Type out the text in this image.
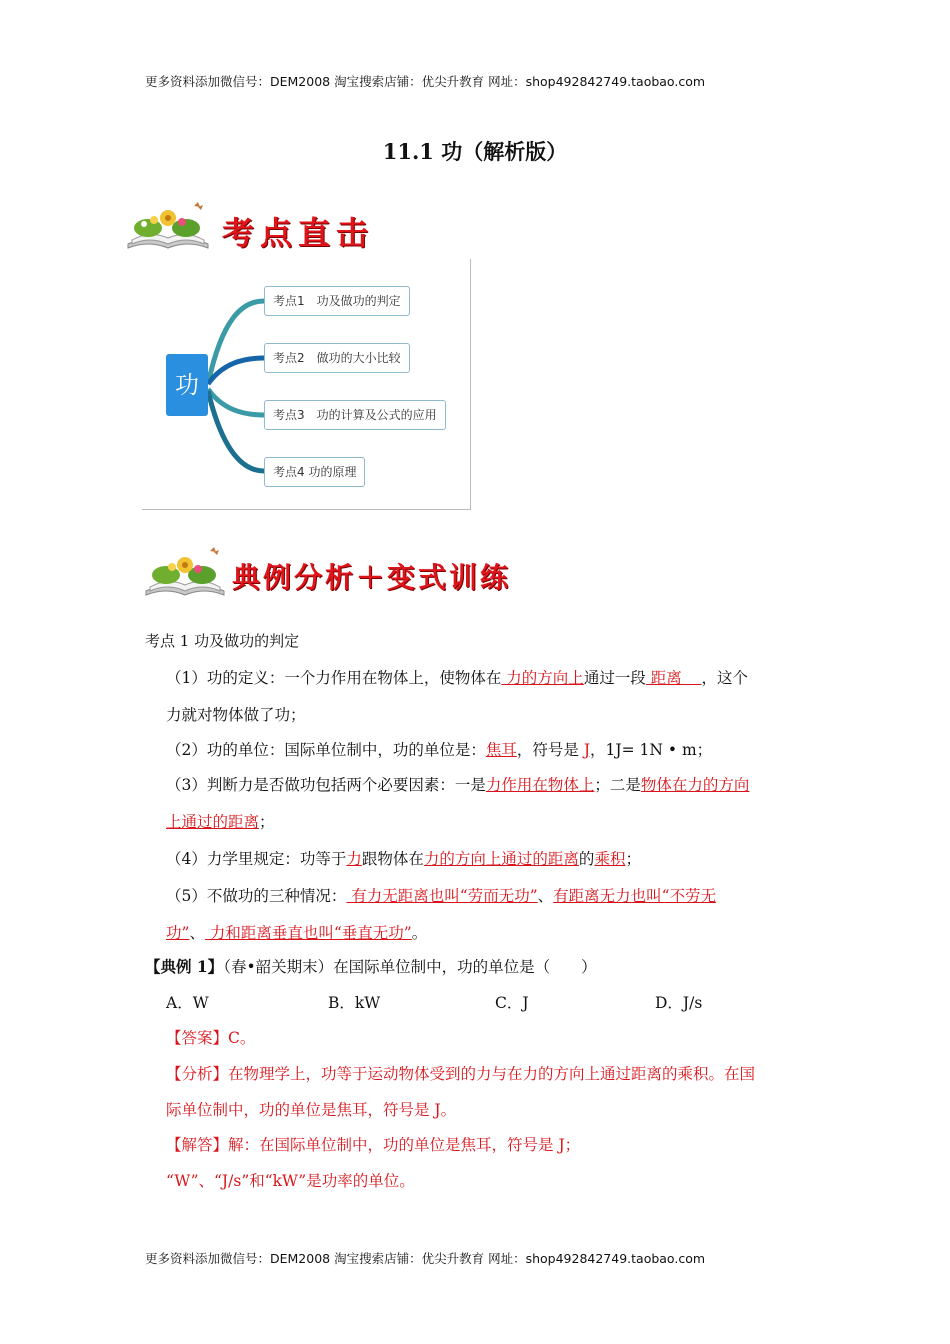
更多资料添加微信号：DEM2008 淘宝搜索店铺：优尖升教育 网址：shop492842749.taobao.com
11.1 功（解析版）
考点直击
功
考点1　功及做功的判定
考点2　做功的大小比较
考点3　功的计算及公式的应用
考点4 功的原理
典例分析＋变式训练
考点 1 功及做功的判定
（1）功的定义：一个力作用在物体上，使物体在 力的方向上通过一段 距离    ，这个
力就对物体做了功；
（2）功的单位：国际单位制中，功的单位是：焦耳，符号是 J，1J= 1N • m；
（3）判断力是否做功包括两个必要因素：一是力作用在物体上；二是物体在力的方向
上通过的距离；
（4）力学里规定：功等于力跟物体在力的方向上通过的距离的乘积；
（5）不做功的三种情况： 有力无距离也叫“劳而无功”、有距离无力也叫“不劳无
功”、 力和距离垂直也叫“垂直无功”。
【典例 1】（春•韶关期末）在国际单位制中，功的单位是（　　）
A．W	B．kW	C．J	D．J/s
【答案】C。
【分析】在物理学上，功等于运动物体受到的力与在力的方向上通过距离的乘积。在国
际单位制中，功的单位是焦耳，符号是 J。
【解答】解：在国际单位制中，功的单位是焦耳，符号是 J；
“W”、“J/s”和“kW”是功率的单位。
更多资料添加微信号：DEM2008 淘宝搜索店铺：优尖升教育 网址：shop492842749.taobao.com
